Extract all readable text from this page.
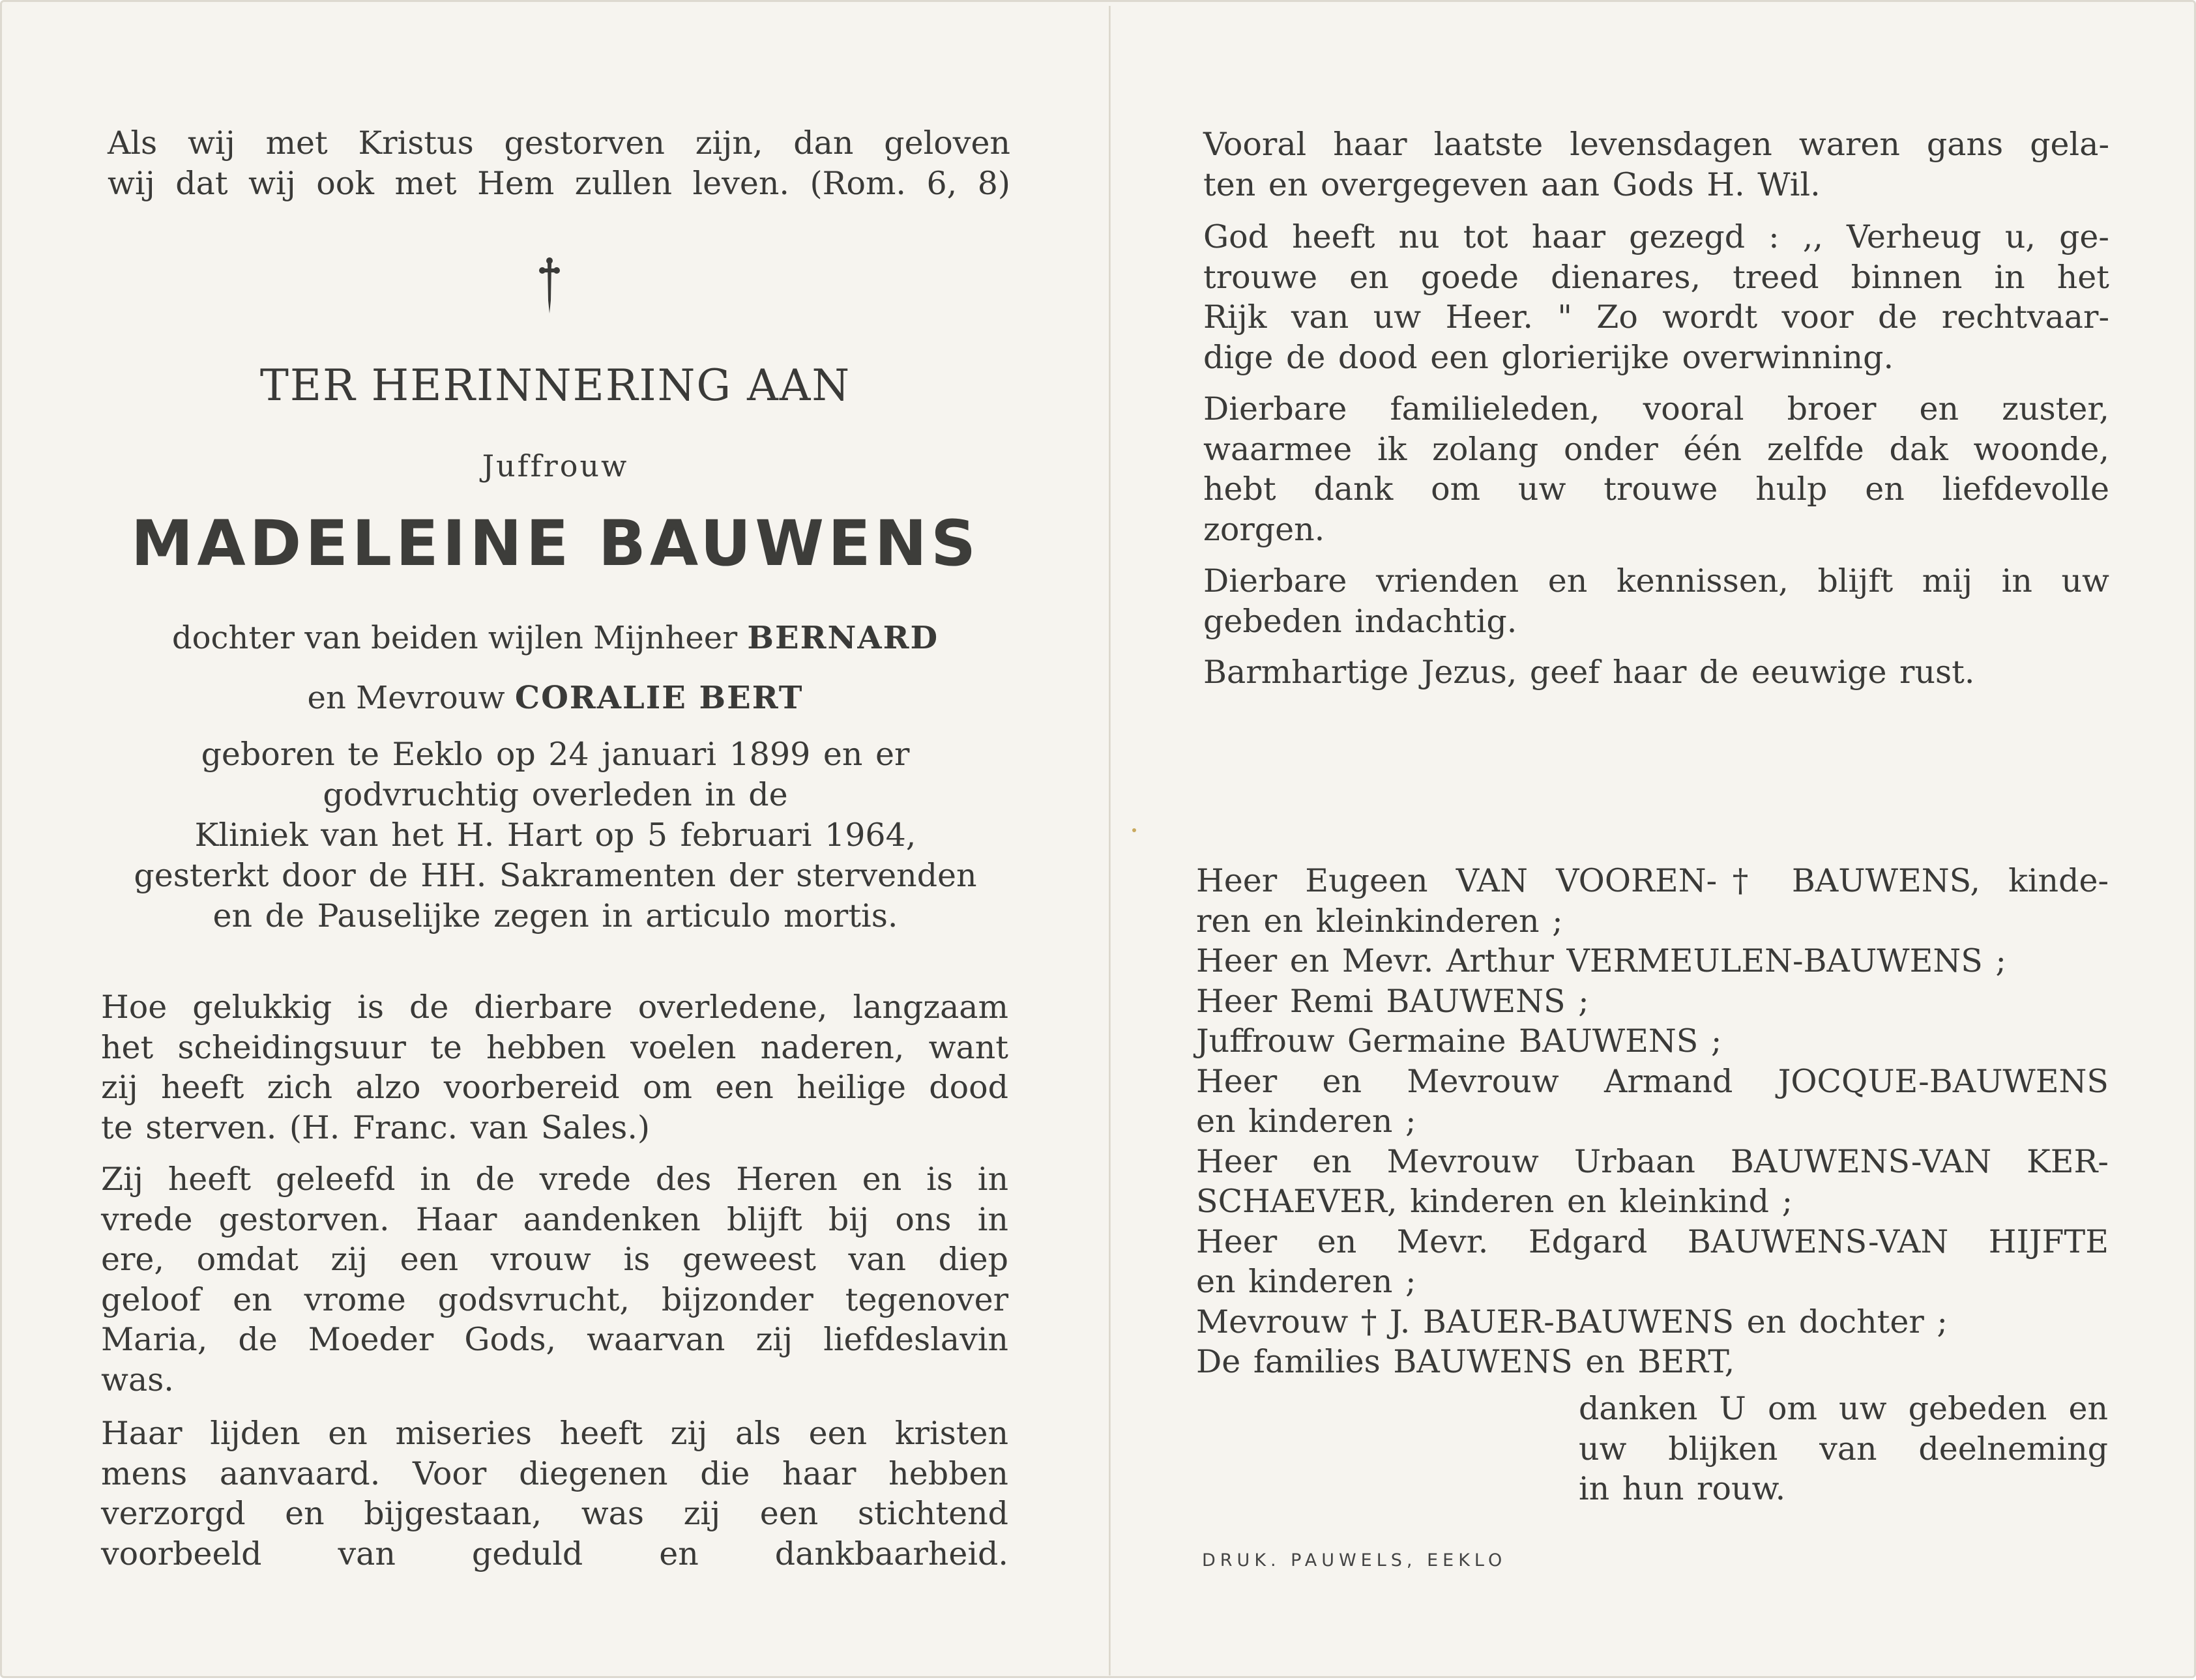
Als wij met Kristus gestorven zijn, dan geloven
wij dat wij ook met Hem zullen leven. (Rom. 6, 8)

TER HERINNERING AAN
Juffrouw
MADELEINE BAUWENS
dochter van beiden wijlen Mijnheer BERNARD
en Mevrouw CORALIE BERT
geboren te Eeklo op 24 januari 1899 en er
godvruchtig overleden in de
Kliniek van het H. Hart op 5 februari 1964,
gesterkt door de HH. Sakramenten der stervenden
en de Pauselijke zegen in articulo mortis.

Hoe gelukkig is de dierbare overledene, langzaam
het scheidingsuur te hebben voelen naderen, want
zij heeft zich alzo voorbereid om een heilige dood
te sterven. (H. Franc. van Sales.)

Zij heeft geleefd in de vrede des Heren en is in
vrede gestorven. Haar aandenken blijft bij ons in
ere, omdat zij een vrouw is geweest van diep
geloof en vrome godsvrucht, bijzonder tegenover
Maria, de Moeder Gods, waarvan zij liefdeslavin
was.

Haar lijden en miseries heeft zij als een kristen
mens aanvaard. Voor diegenen die haar hebben
verzorgd en bijgestaan, was zij een stichtend
voorbeeld van geduld en dankbaarheid.

Vooral haar laatste levensdagen waren gans gela-
ten en overgegeven aan Gods H. Wil.

God heeft nu tot haar gezegd : ,, Verheug u, ge-
trouwe en goede dienares, treed binnen in het
Rijk van uw Heer. " Zo wordt voor de rechtvaar-
dige de dood een glorierijke overwinning.

Dierbare familieleden, vooral broer en zuster,
waarmee ik zolang onder één zelfde dak woonde,
hebt dank om uw trouwe hulp en liefdevolle
zorgen.

Dierbare vrienden en kennissen, blijft mij in uw
gebeden indachtig.

Barmhartige Jezus, geef haar de eeuwige rust.

Heer Eugeen VAN VOOREN-† BAUWENS, kinde-
ren en kleinkinderen ;
Heer en Mevr. Arthur VERMEULEN-BAUWENS ;
Heer Remi BAUWENS ;
Juffrouw Germaine BAUWENS ;
Heer en Mevrouw Armand JOCQUE-BAUWENS
en kinderen ;
Heer en Mevrouw Urbaan BAUWENS-VAN KER-
SCHAEVER, kinderen en kleinkind ;
Heer en Mevr. Edgard BAUWENS-VAN HIJFTE
en kinderen ;
Mevrouw † J. BAUER-BAUWENS en dochter ;
De families BAUWENS en BERT,

danken U om uw gebeden en
uw blijken van deelneming
in hun rouw.

DRUK. PAUWELS, EEKLO
